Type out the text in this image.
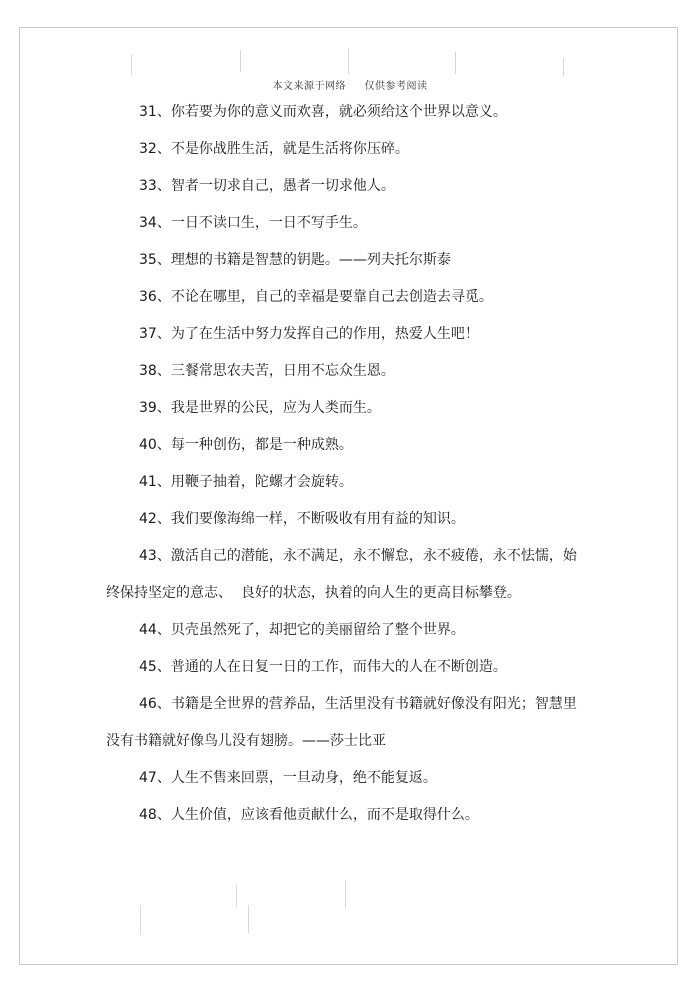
本文来源于网络     仅供参考阅读

31、你若要为你的意义而欢喜，就必须给这个世界以意义。

32、不是你战胜生活，就是生活将你压碎。

33、智者一切求自己，愚者一切求他人。

34、一日不读口生，一日不写手生。

35、理想的书籍是智慧的钥匙。——列夫托尔斯泰

36、不论在哪里，自己的幸福是要靠自己去创造去寻觅。

37、为了在生活中努力发挥自己的作用，热爱人生吧！

38、三餐常思农夫苦，日用不忘众生恩。

39、我是世界的公民，应为人类而生。

40、每一种创伤，都是一种成熟。

41、用鞭子抽着，陀螺才会旋转。

42、我们要像海绵一样，不断吸收有用有益的知识。

43、激活自己的潜能，永不满足，永不懈怠，永不疲倦，永不怯懦，始终保持坚定的意志、  良好的状态，执着的向人生的更高目标攀登。

44、贝壳虽然死了，却把它的美丽留给了整个世界。

45、普通的人在日复一日的工作，而伟大的人在不断创造。

46、书籍是全世界的营养品，生活里没有书籍就好像没有阳光；智慧里没有书籍就好像鸟儿没有翅膀。——莎士比亚

47、人生不售来回票，一旦动身，绝不能复返。

48、人生价值，应该看他贡献什么，而不是取得什么。
